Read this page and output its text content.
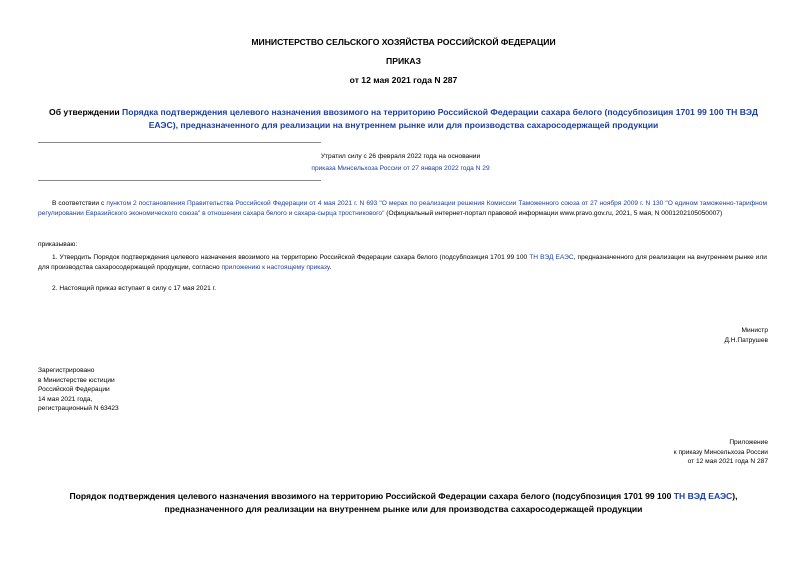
МИНИСТЕРСТВО СЕЛЬСКОГО ХОЗЯЙСТВА РОССИЙСКОЙ ФЕДЕРАЦИИ
ПРИКАЗ
от 12 мая 2021 года N 287
Об утверждении Порядка подтверждения целевого назначения ввозимого на территорию Российской Федерации сахара белого (подсубпозиция 1701 99 100 ТН ВЭД ЕАЭС), предназначенного для реализации на внутреннем рынке или для производства сахаросодержащей продукции
Утратил силу с 26 февраля 2022 года на основании
приказа Минсельхоза России от 27 января 2022 года N 29
В соответствии с пунктом 2 постановления Правительства Российской Федерации от 4 мая 2021 г. N 693 "О мерах по реализации решения Комиссии Таможенного союза от 27 ноября 2009 г. N 130 "О едином таможенно-тарифном регулировании Евразийского экономического союза" в отношении сахара белого и сахара-сырца тростникового" (Официальный интернет-портал правовой информации www.pravo.gov.ru, 2021, 5 мая, N 0001202105050007)
приказываю:
1. Утвердить Порядок подтверждения целевого назначения ввозимого на территорию Российской Федерации сахара белого (подсубпозиция 1701 99 100 ТН ВЭД ЕАЭС, предназначенного для реализации на внутреннем рынке или для производства сахаросодержащей продукции, согласно приложению к настоящему приказу.
2. Настоящий приказ вступает в силу с 17 мая 2021 г.
Министр
Д.Н.Патрушев
Зарегистрировано
в Министерстве юстиции
Российской Федерации
14 мая 2021 года,
регистрационный N 63423
Приложение
к приказу Минсельхоза России
от 12 мая 2021 года N 287
Порядок подтверждения целевого назначения ввозимого на территорию Российской Федерации сахара белого (подсубпозиция 1701 99 100 ТН ВЭД ЕАЭС),
предназначенного для реализации на внутреннем рынке или для производства сахаросодержащей продукции
